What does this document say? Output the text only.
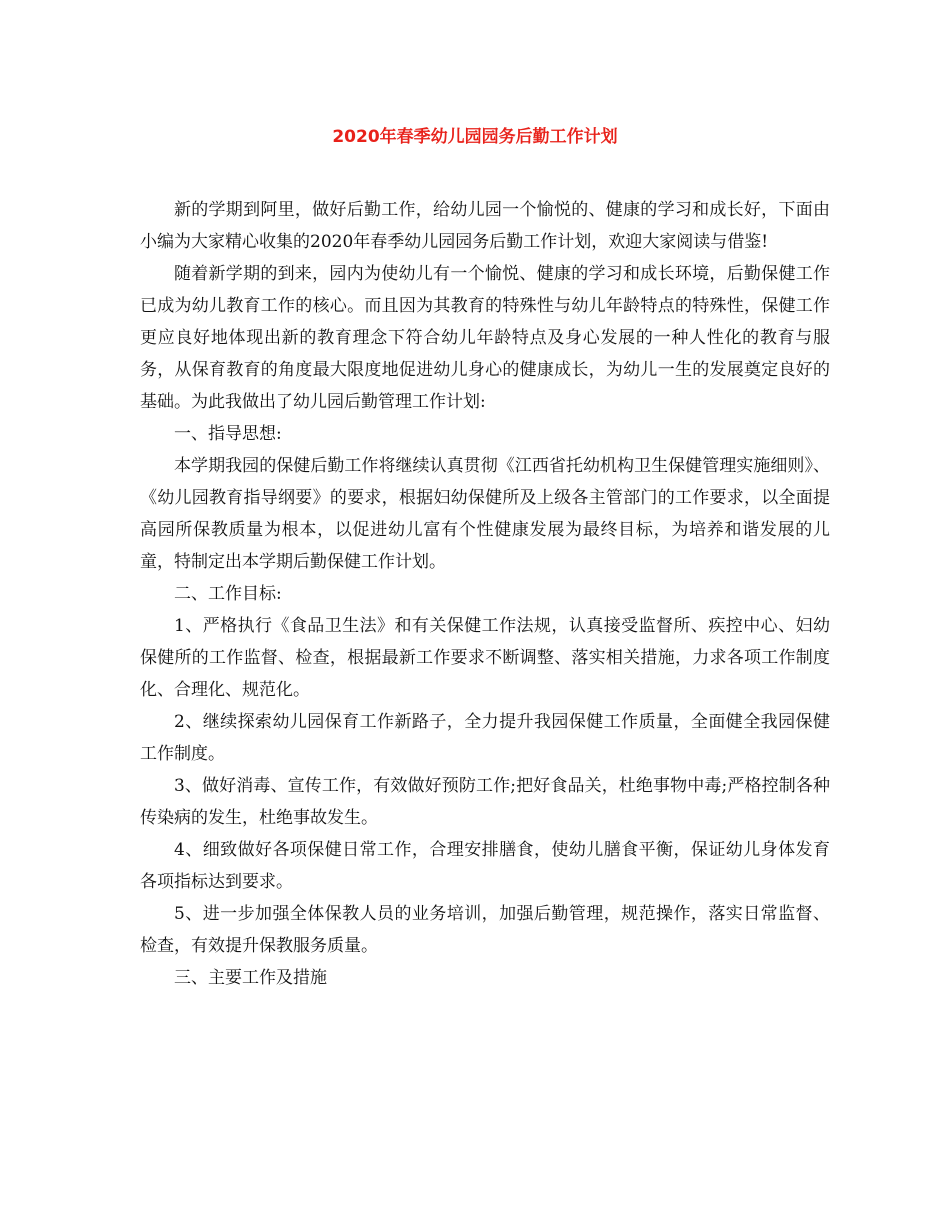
2020年春季幼儿园园务后勤工作计划

新的学期到阿里，做好后勤工作，给幼儿园一个愉悦的、健康的学习和成长好，下面由小编为大家精心收集的2020年春季幼儿园园务后勤工作计划，欢迎大家阅读与借鉴!

随着新学期的到来，园内为使幼儿有一个愉悦、健康的学习和成长环境，后勤保健工作已成为幼儿教育工作的核心。而且因为其教育的特殊性与幼儿年龄特点的特殊性，保健工作更应良好地体现出新的教育理念下符合幼儿年龄特点及身心发展的一种人性化的教育与服务，从保育教育的角度最大限度地促进幼儿身心的健康成长，为幼儿一生的发展奠定良好的基础。为此我做出了幼儿园后勤管理工作计划:

一、指导思想:

本学期我园的保健后勤工作将继续认真贯彻《江西省托幼机构卫生保健管理实施细则》、《幼儿园教育指导纲要》的要求，根据妇幼保健所及上级各主管部门的工作要求，以全面提高园所保教质量为根本，以促进幼儿富有个性健康发展为最终目标，为培养和谐发展的儿童，特制定出本学期后勤保健工作计划。

二、工作目标:

1、严格执行《食品卫生法》和有关保健工作法规，认真接受监督所、疾控中心、妇幼保健所的工作监督、检查，根据最新工作要求不断调整、落实相关措施，力求各项工作制度化、合理化、规范化。

2、继续探索幼儿园保育工作新路子，全力提升我园保健工作质量，全面健全我园保健工作制度。

3、做好消毒、宣传工作，有效做好预防工作;把好食品关，杜绝事物中毒;严格控制各种传染病的发生，杜绝事故发生。

4、细致做好各项保健日常工作，合理安排膳食，使幼儿膳食平衡，保证幼儿身体发育各项指标达到要求。

5、进一步加强全体保教人员的业务培训，加强后勤管理，规范操作，落实日常监督、检查，有效提升保教服务质量。

三、主要工作及措施
